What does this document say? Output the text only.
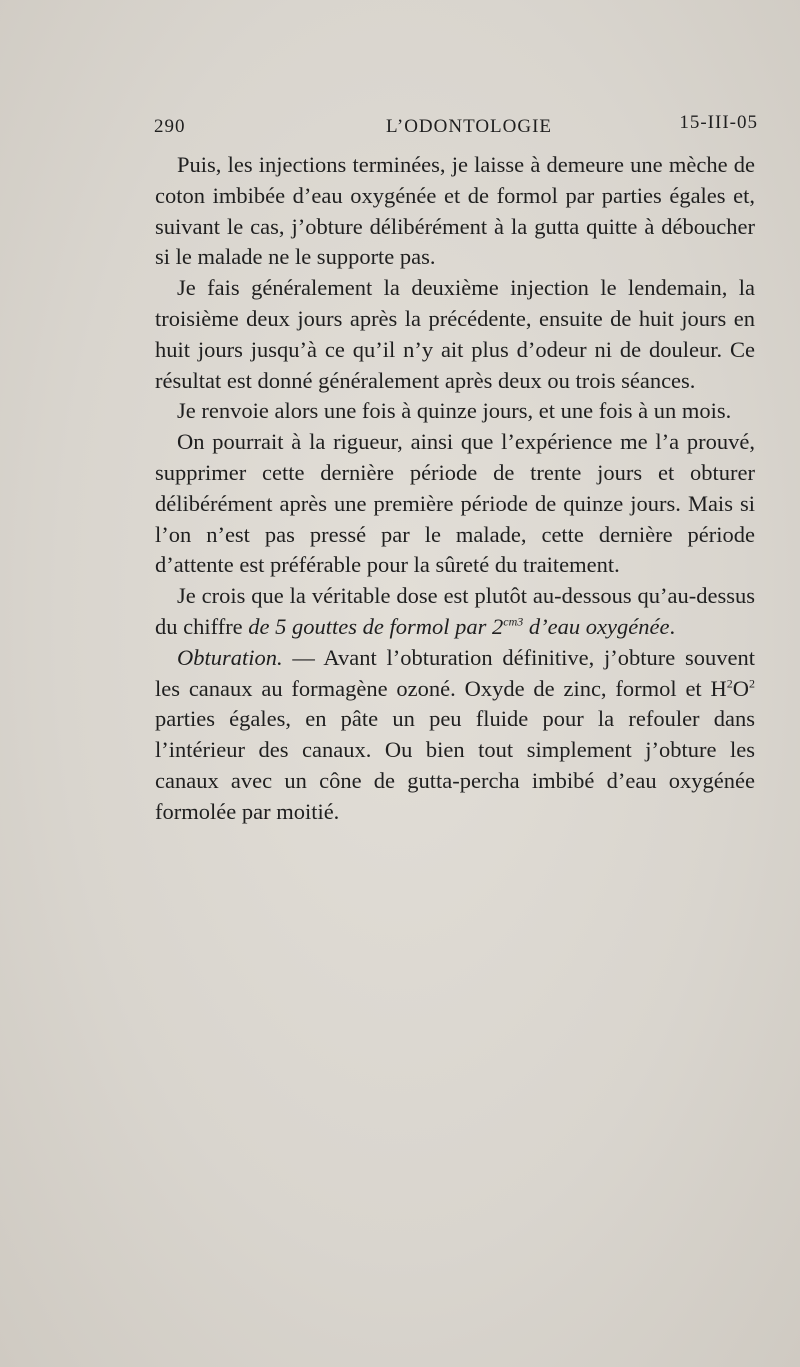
290	L’ODONTOLOGIE	15-III-05

Puis, les injections terminées, je laisse à demeure une mèche de coton imbibée d’eau oxygénée et de formol par parties égales et, suivant le cas, j’obture délibérément à la gutta quitte à déboucher si le malade ne le supporte pas.

Je fais généralement la deuxième injection le lendemain, la troisième deux jours après la précédente, ensuite de huit jours en huit jours jusqu’à ce qu’il n’y ait plus d’odeur ni de douleur. Ce résultat est donné généralement après deux ou trois séances.

Je renvoie alors une fois à quinze jours, et une fois à un mois.

On pourrait à la rigueur, ainsi que l’expérience me l’a prouvé, supprimer cette dernière période de trente jours et obturer délibérément après une première période de quinze jours. Mais si l’on n’est pas pressé par le malade, cette dernière période d’attente est préférable pour la sûreté du traitement.

Je crois que la véritable dose est plutôt au-dessous qu’au-dessus du chiffre de 5 gouttes de formol par $2^{cm3}$ d’eau oxygénée.

Obturation. — Avant l’obturation définitive, j’obture souvent les canaux au formagène ozoné. Oxyde de zinc, formol et $H^2O^2$ parties égales, en pâte un peu fluide pour la refouler dans l’intérieur des canaux. Ou bien tout simplement j’obture les canaux avec un cône de gutta-percha imbibé d’eau oxygénée formolée par moitié.
